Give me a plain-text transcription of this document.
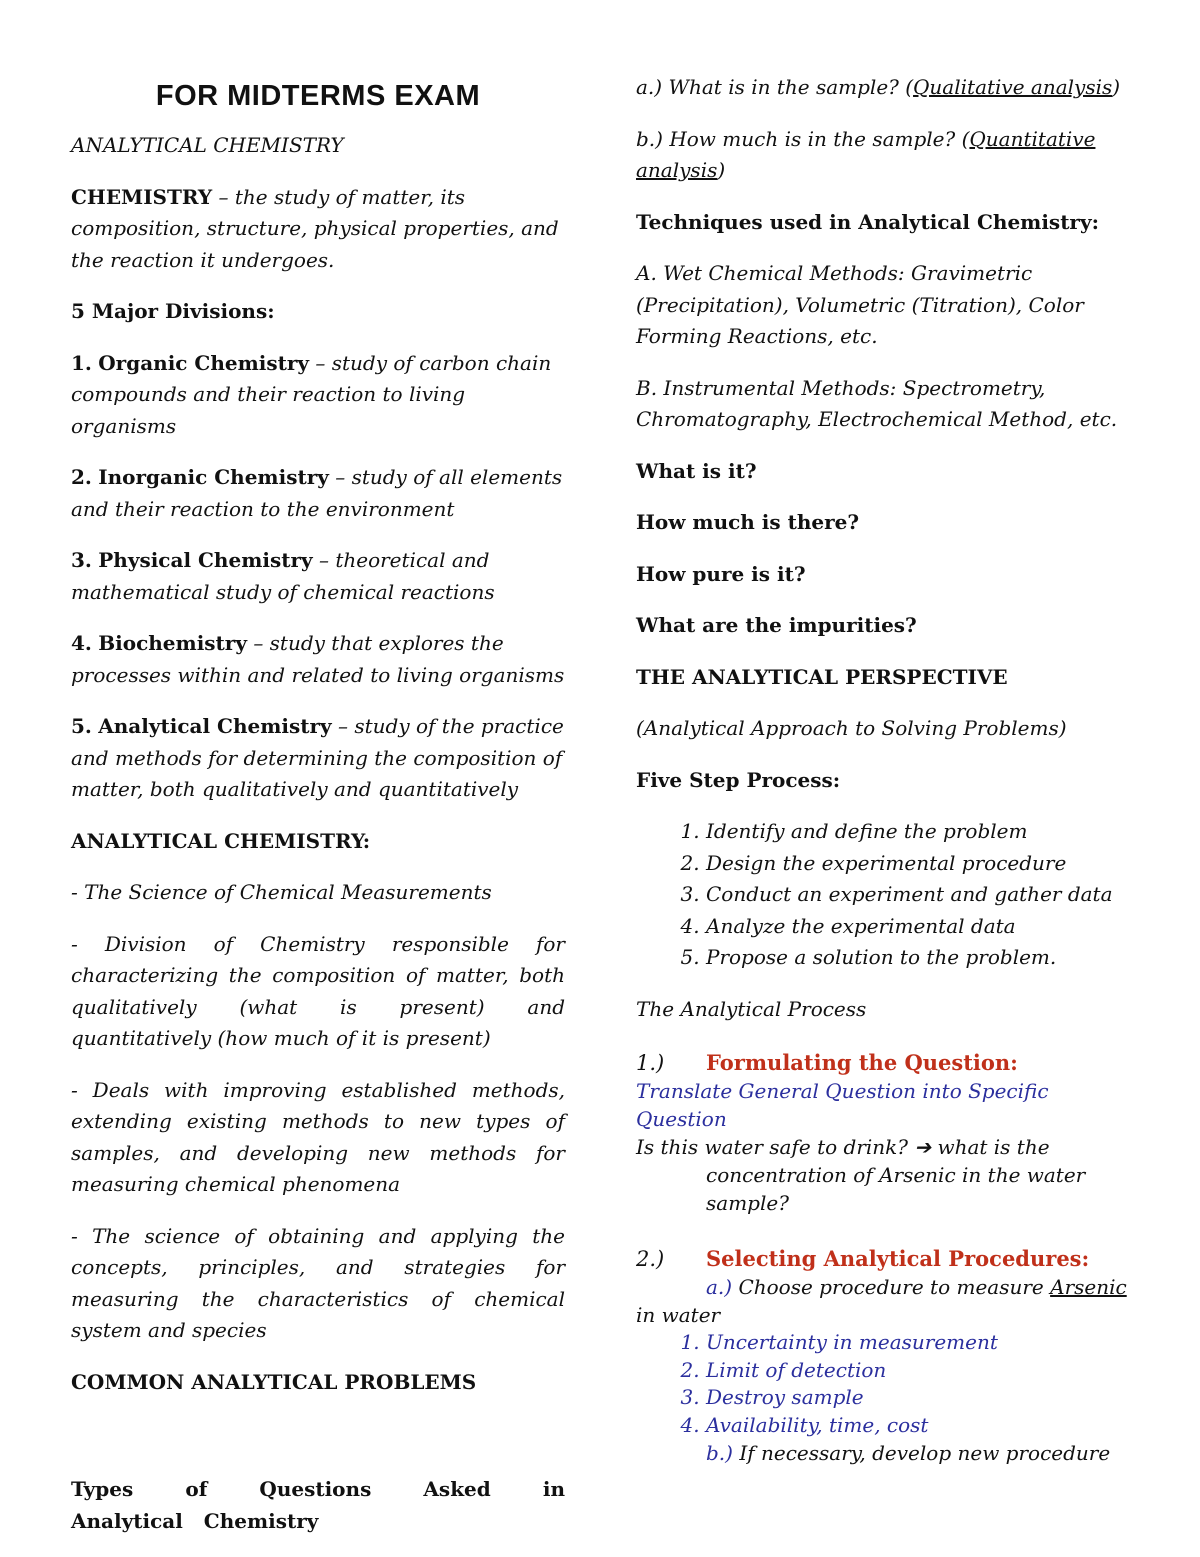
FOR MIDTERMS EXAM

ANALYTICAL CHEMISTRY

CHEMISTRY – the study of matter, its composition, structure, physical properties, and the reaction it undergoes.

5 Major Divisions:

1. Organic Chemistry – study of carbon chain compounds and their reaction to living organisms

2. Inorganic Chemistry – study of all elements and their reaction to the environment

3. Physical Chemistry – theoretical and mathematical study of chemical reactions

4. Biochemistry – study that explores the processes within and related to living organisms

5. Analytical Chemistry – study of the practice and methods for determining the composition of matter, both qualitatively and quantitatively

ANALYTICAL CHEMISTRY:

- The Science of Chemical Measurements

- Division of Chemistry responsible for characterizing the composition of matter, both qualitatively (what is present) and quantitatively (how much of it is present)

- Deals with improving established methods, extending existing methods to new types of samples, and developing new methods for measuring chemical phenomena

- The science of obtaining and applying the concepts, principles, and strategies for measuring the characteristics of chemical system and species

COMMON ANALYTICAL PROBLEMS

Types of Questions Asked in Analytical Chemistry

a.) What is in the sample? (Qualitative analysis)

b.) How much is in the sample? (Quantitative analysis)

Techniques used in Analytical Chemistry:

A. Wet Chemical Methods: Gravimetric (Precipitation), Volumetric (Titration), Color Forming Reactions, etc.

B. Instrumental Methods: Spectrometry, Chromatography, Electrochemical Method, etc.

What is it?

How much is there?

How pure is it?

What are the impurities?

THE ANALYTICAL PERSPECTIVE

(Analytical Approach to Solving Problems)

Five Step Process:

1. Identify and define the problem
2. Design the experimental procedure
3. Conduct an experiment and gather data
4. Analyze the experimental data
5. Propose a solution to the problem.

The Analytical Process

1.) Formulating the Question:
Translate General Question into Specific Question
Is this water safe to drink? ➔ what is the
concentration of Arsenic in the water sample?
2.) Selecting Analytical Procedures:
a.) Choose procedure to measure Arsenic in water
1. Uncertainty in measurement
2. Limit of detection
3. Destroy sample
4. Availability, time, cost
b.) If necessary, develop new procedure
